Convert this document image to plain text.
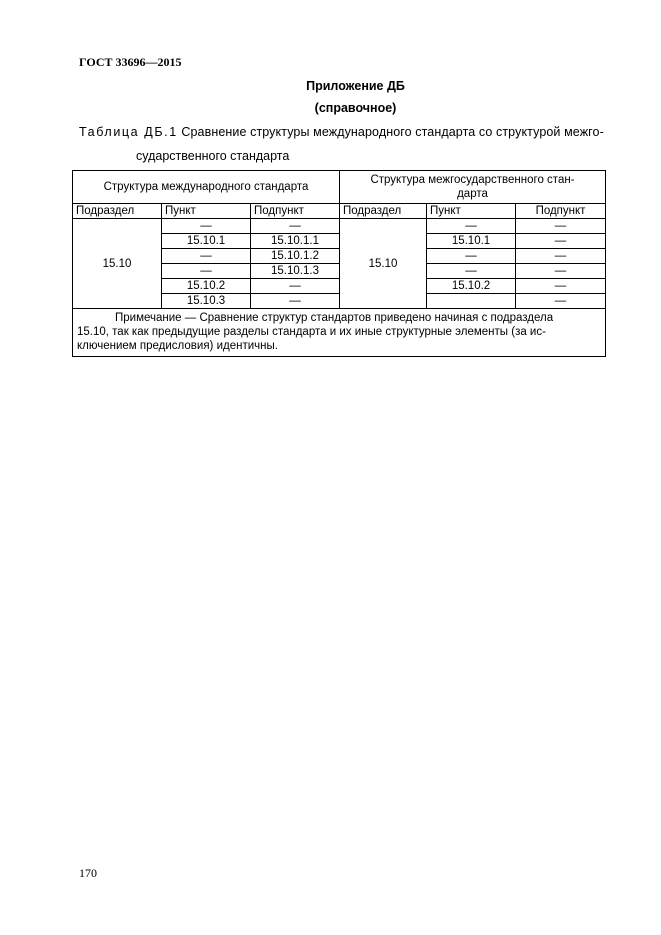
ГОСТ 33696—2015
Приложение ДБ
(справочное)
Таблица ДБ.1 Сравнение структуры международного стандарта со структурой межго-
сударственного стандарта
Структура международного стандарта			Структура межгосударственного стан-
дарта		
Подраздел	Пункт	Подпункт	Подраздел	Пункт	Подпункт
15.10	—	—	15.10	—	—
	15.10.1	15.10.1.1		15.10.1	—
	—	15.10.1.2		—	—
	—	15.10.1.3		—	—
	15.10.2	—		15.10.2	—
	15.10.3	—			—
Примечание — Сравнение структур стандартов приведено начиная с подраздела
15.10, так как предыдущие разделы стандарта и их иные структурные элементы (за ис-
ключением предисловия) идентичны.					
170
